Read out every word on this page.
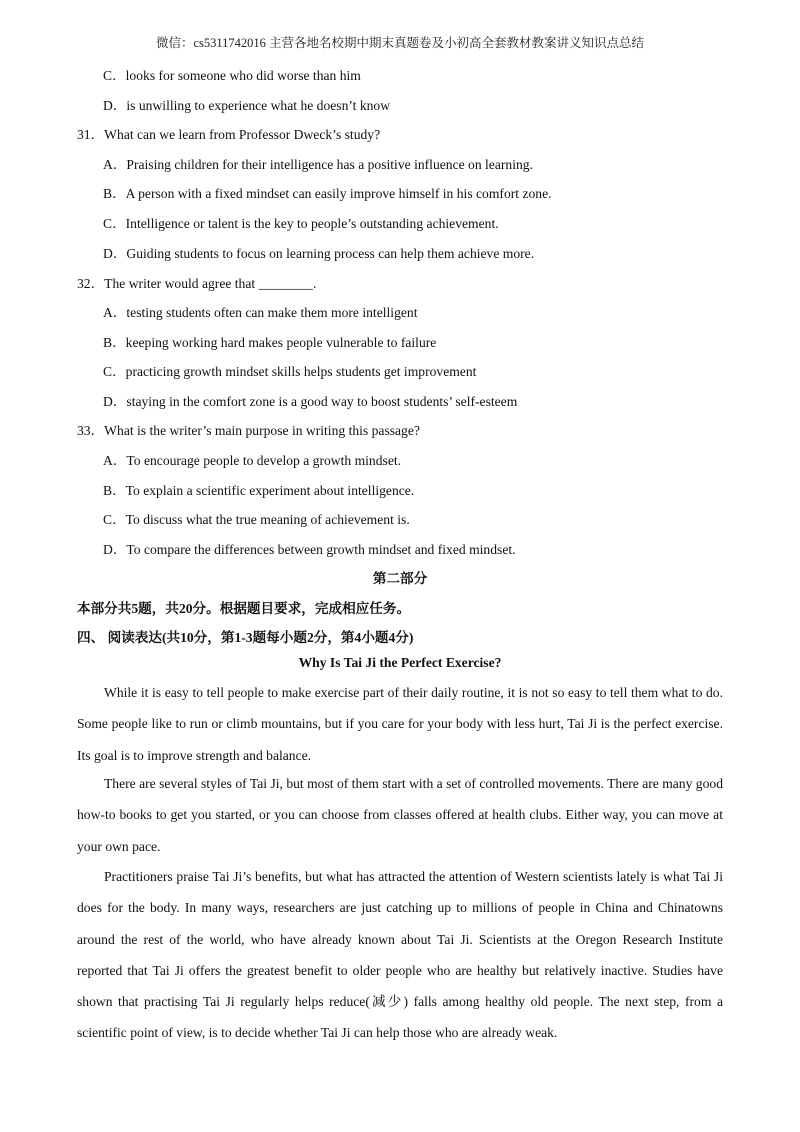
微信：cs5311742016 主营各地名校期中期末真题卷及小初高全套教材教案讲义知识点总结
C．looks for someone who did worse than him
D．is unwilling to experience what he doesn’t know
31．What can we learn from Professor Dweck’s study?
A．Praising children for their intelligence has a positive influence on learning.
B．A person with a fixed mindset can easily improve himself in his comfort zone.
C．Intelligence or talent is the key to people’s outstanding achievement.
D．Guiding students to focus on learning process can help them achieve more.
32．The writer would agree that ________.
A．testing students often can make them more intelligent
B．keeping working hard makes people vulnerable to failure
C．practicing growth mindset skills helps students get improvement
D．staying in the comfort zone is a good way to boost students’ self-esteem
33．What is the writer’s main purpose in writing this passage?
A．To encourage people to develop a growth mindset.
B．To explain a scientific experiment about intelligence.
C．To discuss what the true meaning of achievement is.
D．To compare the differences between growth mindset and fixed mindset.
第二部分
本部分共5题，共20分。根据题目要求，完成相应任务。
四、 阅读表达(共10分，第1-3题每小题2分，第4小题4分)
Why Is Tai Ji the Perfect Exercise?

While it is easy to tell people to make exercise part of their daily routine, it is not so easy to tell them what to do. Some people like to run or climb mountains, but if you care for your body with less hurt, Tai Ji is the perfect exercise. Its goal is to improve strength and balance.

There are several styles of Tai Ji, but most of them start with a set of controlled movements. There are many good how-to books to get you started, or you can choose from classes offered at health clubs. Either way, you can move at your own pace.

Practitioners praise Tai Ji’s benefits, but what has attracted the attention of Western scientists lately is what Tai Ji does for the body. In many ways, researchers are just catching up to millions of people in China and Chinatowns around the rest of the world, who have already known about Tai Ji. Scientists at the Oregon Research Institute reported that Tai Ji offers the greatest benefit to older people who are healthy but relatively inactive. Studies have shown that practising Tai Ji regularly helps reduce(减少) falls among healthy old people. The next step, from a scientific point of view, is to decide whether Tai Ji can help those who are already weak.
